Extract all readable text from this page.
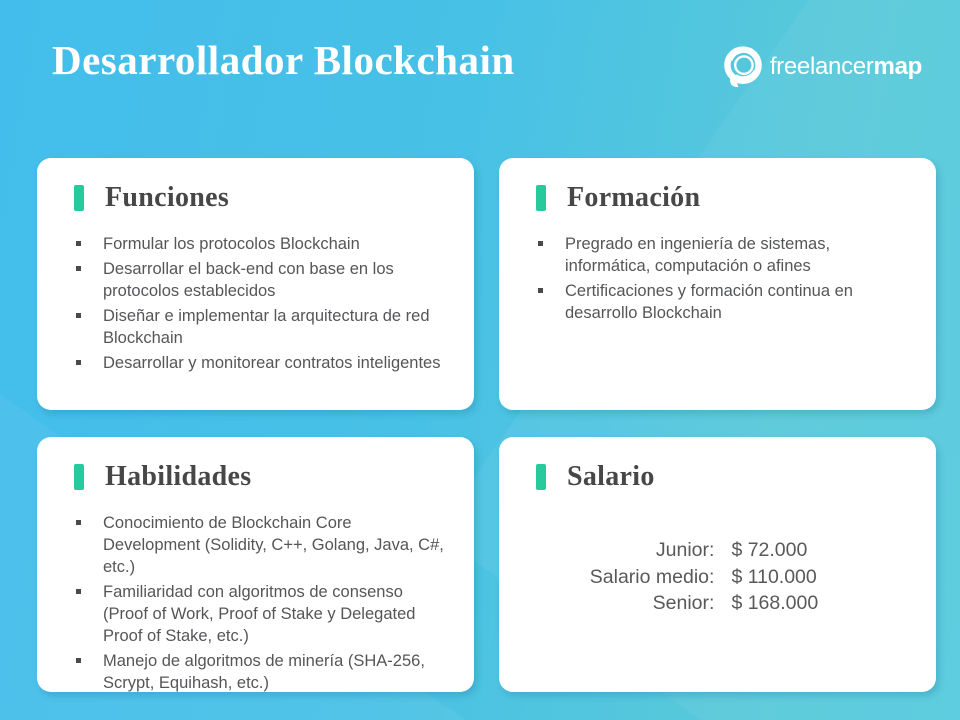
Desarrollador Blockchain	freelancermap
Funciones
Formular los protocolos Blockchain
Desarrollar el back-end con base en los protocolos establecidos
Diseñar e implementar la arquitectura de red Blockchain
Desarrollar y monitorear contratos inteligentes
Formación
Pregrado en ingeniería de sistemas, informática, computación o afines
Certificaciones y formación continua en desarrollo Blockchain
Habilidades
Conocimiento de Blockchain Core Development (Solidity, C++, Golang, Java, C#, etc.)
Familiaridad con algoritmos de consenso (Proof of Work, Proof of Stake y Delegated Proof of Stake, etc.)
Manejo de algoritmos de minería (SHA-256, Scrypt, Equihash, etc.)
Salario
Junior: $ 72.000
Salario medio: $ 110.000
Senior: $ 168.000
